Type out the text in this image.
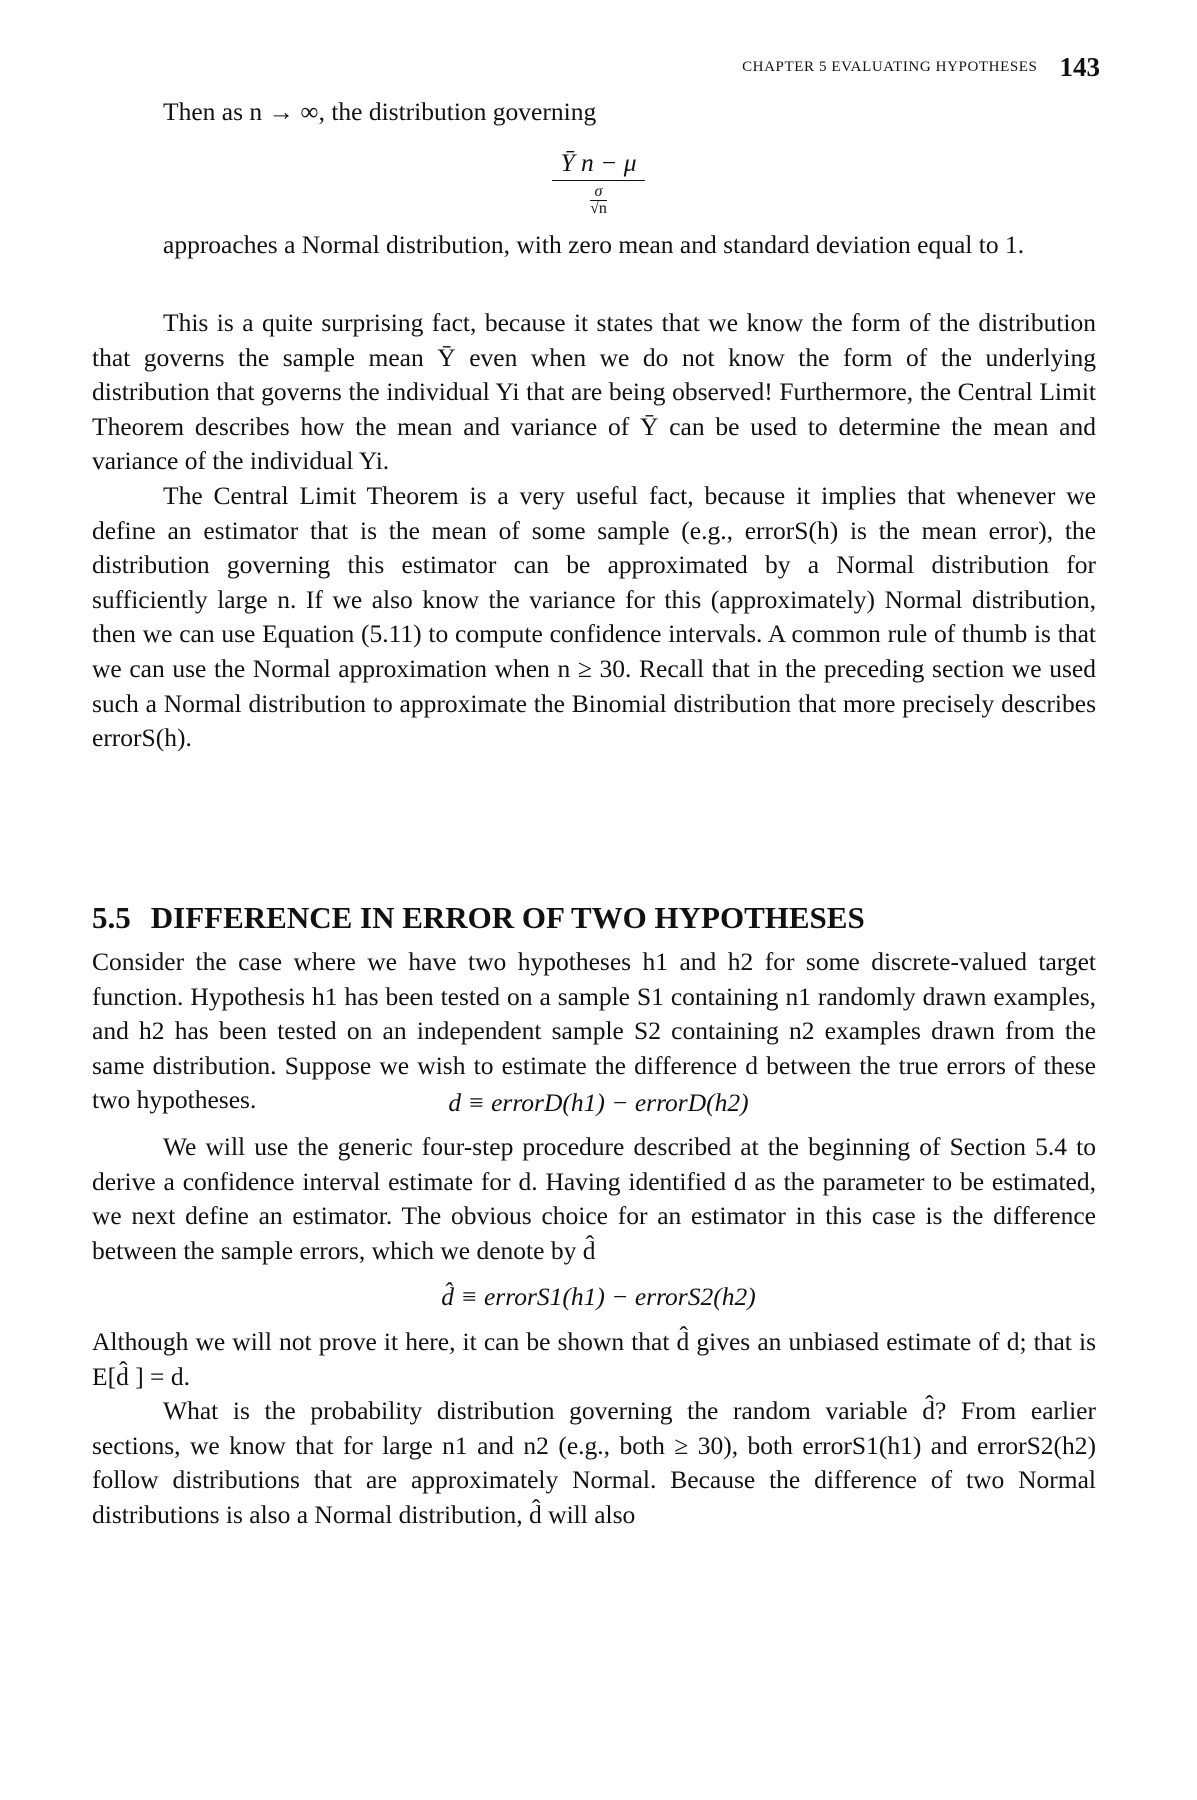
CHAPTER 5 EVALUATING HYPOTHESES 143

Then as n → ∞, the distribution governing

$\frac{\text{Ȳ n − μ}}{\frac{\sigma}{√n}}$

approaches a Normal distribution, with zero mean and standard deviation equal to 1.

This is a quite surprising fact, because it states that we know the form of the distribution that governs the sample mean Ȳ even when we do not know the form of the underlying distribution that governs the individual Yi that are being observed! Furthermore, the Central Limit Theorem describes how the mean and variance of Ȳ can be used to determine the mean and variance of the individual Yi.

The Central Limit Theorem is a very useful fact, because it implies that whenever we define an estimator that is the mean of some sample (e.g., errorS(h) is the mean error), the distribution governing this estimator can be approximated by a Normal distribution for sufficiently large n. If we also know the variance for this (approximately) Normal distribution, then we can use Equation (5.11) to compute confidence intervals. A common rule of thumb is that we can use the Normal approximation when n ≥ 30. Recall that in the preceding section we used such a Normal distribution to approximate the Binomial distribution that more precisely describes errorS(h).

5.5 DIFFERENCE IN ERROR OF TWO HYPOTHESES

Consider the case where we have two hypotheses h1 and h2 for some discrete-valued target function. Hypothesis h1 has been tested on a sample S1 containing n1 randomly drawn examples, and h2 has been tested on an independent sample S2 containing n2 examples drawn from the same distribution. Suppose we wish to estimate the difference d between the true errors of these two hypotheses.	d ≡ errorD(h1) − errorD(h2)

We will use the generic four-step procedure described at the beginning of Section 5.4 to derive a confidence interval estimate for d. Having identified d as the parameter to be estimated, we next define an estimator. The obvious choice for an estimator in this case is the difference between the sample errors, which we denote by d̂

d̂ ≡ errorS1(h1) − errorS2(h2)

Although we will not prove it here, it can be shown that d̂ gives an unbiased estimate of d; that is E[d̂ ] = d.

What is the probability distribution governing the random variable d̂? From earlier sections, we know that for large n1 and n2 (e.g., both ≥ 30), both errorS1(h1) and errorS2(h2) follow distributions that are approximately Normal. Because the difference of two Normal distributions is also a Normal distribution, d̂ will also
